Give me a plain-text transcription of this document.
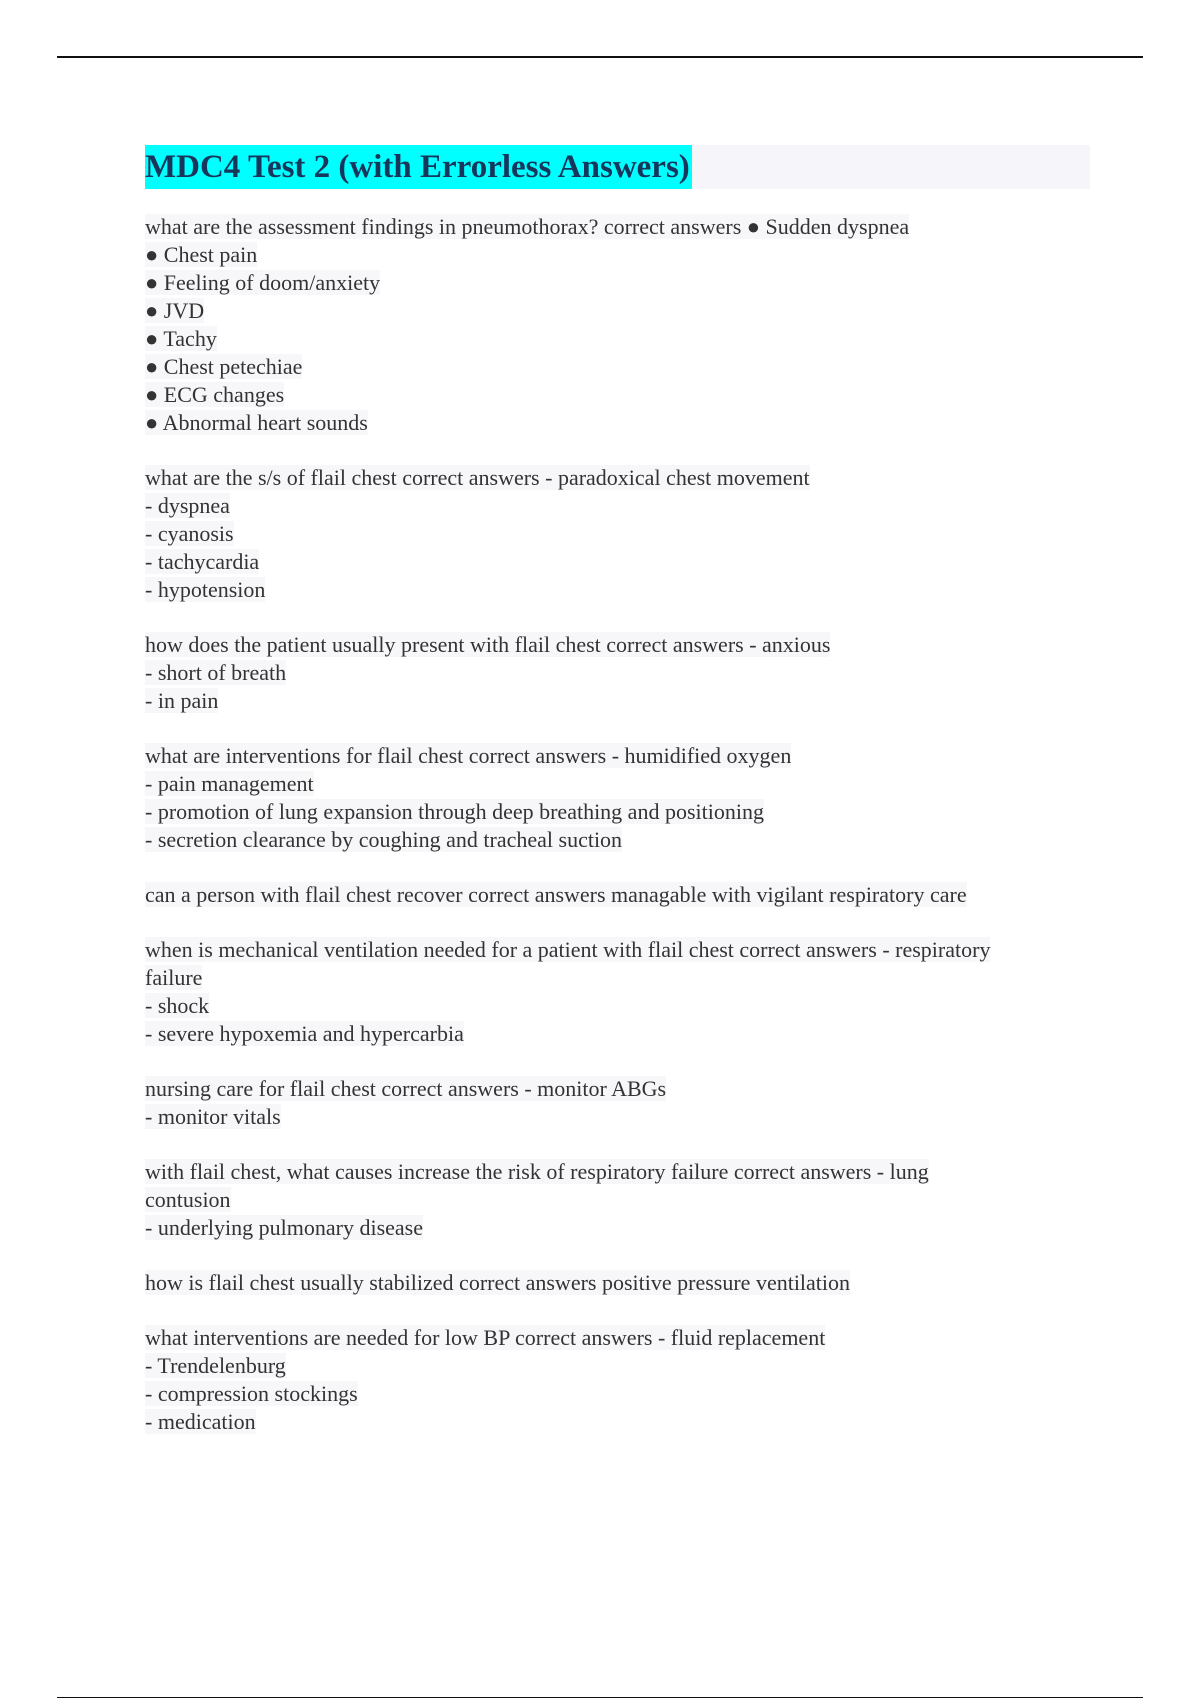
MDC4 Test 2 (with Errorless Answers)
what are the assessment findings in pneumothorax? correct answers ● Sudden dyspnea
● Chest pain
● Feeling of doom/anxiety
● JVD
● Tachy
● Chest petechiae
● ECG changes
● Abnormal heart sounds
what are the s/s of flail chest correct answers - paradoxical chest movement
- dyspnea
- cyanosis
- tachycardia
- hypotension
how does the patient usually present with flail chest correct answers - anxious
- short of breath
- in pain
what are interventions for flail chest correct answers - humidified oxygen
- pain management
- promotion of lung expansion through deep breathing and positioning
- secretion clearance by coughing and tracheal suction
can a person with flail chest recover correct answers managable with vigilant respiratory care
when is mechanical ventilation needed for a patient with flail chest correct answers - respiratory
failure
- shock
- severe hypoxemia and hypercarbia
nursing care for flail chest correct answers - monitor ABGs
- monitor vitals
with flail chest, what causes increase the risk of respiratory failure correct answers - lung
contusion
- underlying pulmonary disease
how is flail chest usually stabilized correct answers positive pressure ventilation
what interventions are needed for low BP correct answers - fluid replacement
- Trendelenburg
- compression stockings
- medication
